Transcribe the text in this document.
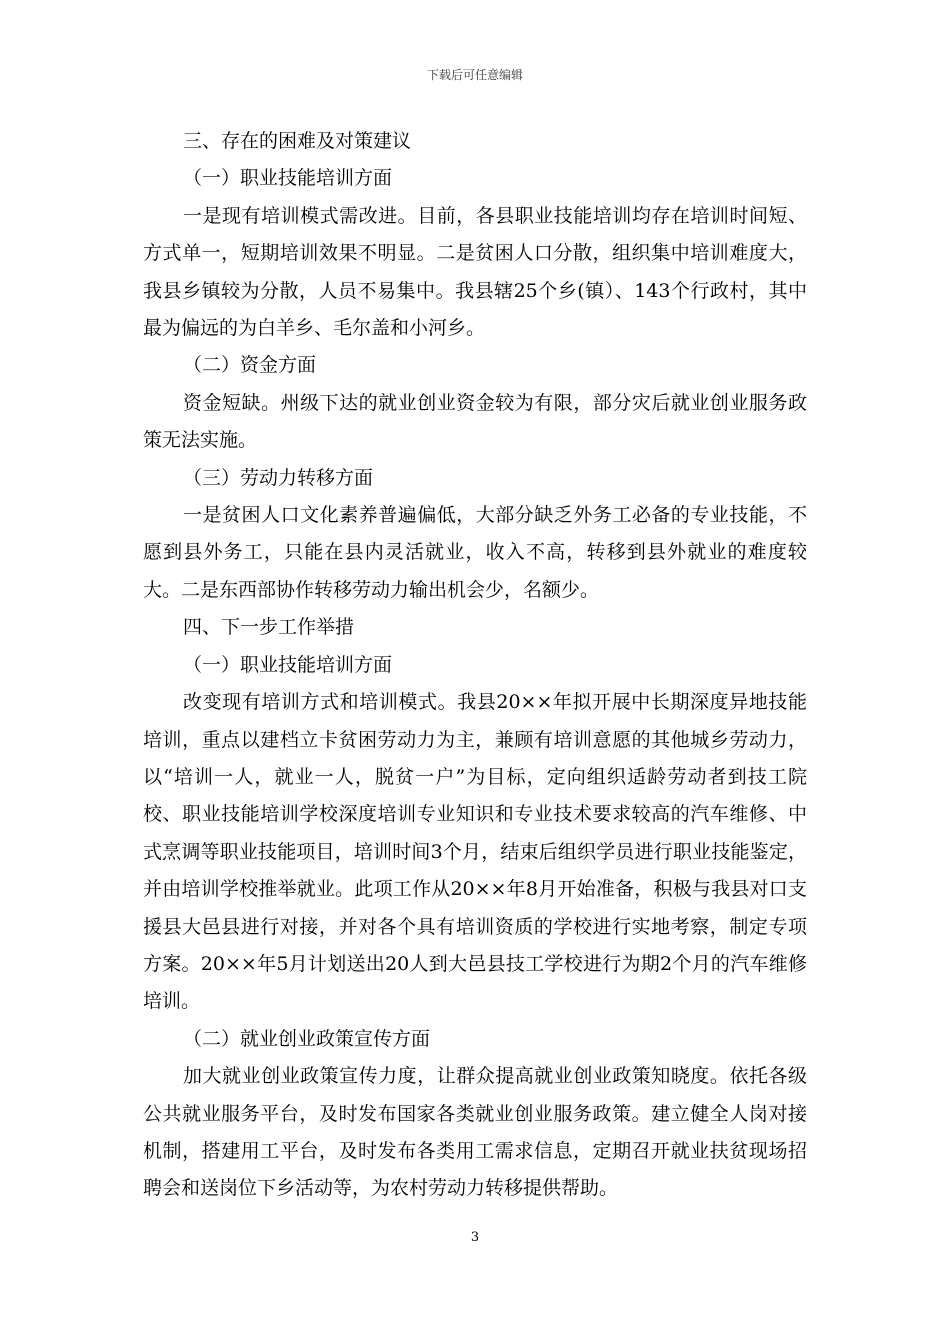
下载后可任意编辑

三、存在的困难及对策建议

（一）职业技能培训方面

一是现有培训模式需改进。目前，各县职业技能培训均存在培训时间短、方式单一，短期培训效果不明显。二是贫困人口分散，组织集中培训难度大，我县乡镇较为分散，人员不易集中。我县辖25个乡(镇）、143个行政村，其中最为偏远的为白羊乡、毛尔盖和小河乡。

（二）资金方面

资金短缺。州级下达的就业创业资金较为有限，部分灾后就业创业服务政策无法实施。

（三）劳动力转移方面

一是贫困人口文化素养普遍偏低，大部分缺乏外务工必备的专业技能，不愿到县外务工，只能在县内灵活就业，收入不高，转移到县外就业的难度较大。二是东西部协作转移劳动力输出机会少，名额少。

四、下一步工作举措

（一）职业技能培训方面

改变现有培训方式和培训模式。我县20××年拟开展中长期深度异地技能培训，重点以建档立卡贫困劳动力为主，兼顾有培训意愿的其他城乡劳动力，以“培训一人，就业一人，脱贫一户”为目标，定向组织适龄劳动者到技工院校、职业技能培训学校深度培训专业知识和专业技术要求较高的汽车维修、中式烹调等职业技能项目，培训时间3个月，结束后组织学员进行职业技能鉴定，并由培训学校推举就业。此项工作从20××年8月开始准备，积极与我县对口支援县大邑县进行对接，并对各个具有培训资质的学校进行实地考察，制定专项方案。20××年5月计划送出20人到大邑县技工学校进行为期2个月的汽车维修培训。

（二）就业创业政策宣传方面

加大就业创业政策宣传力度，让群众提高就业创业政策知晓度。依托各级公共就业服务平台，及时发布国家各类就业创业服务政策。建立健全人岗对接机制，搭建用工平台，及时发布各类用工需求信息，定期召开就业扶贫现场招聘会和送岗位下乡活动等，为农村劳动力转移提供帮助。

3
